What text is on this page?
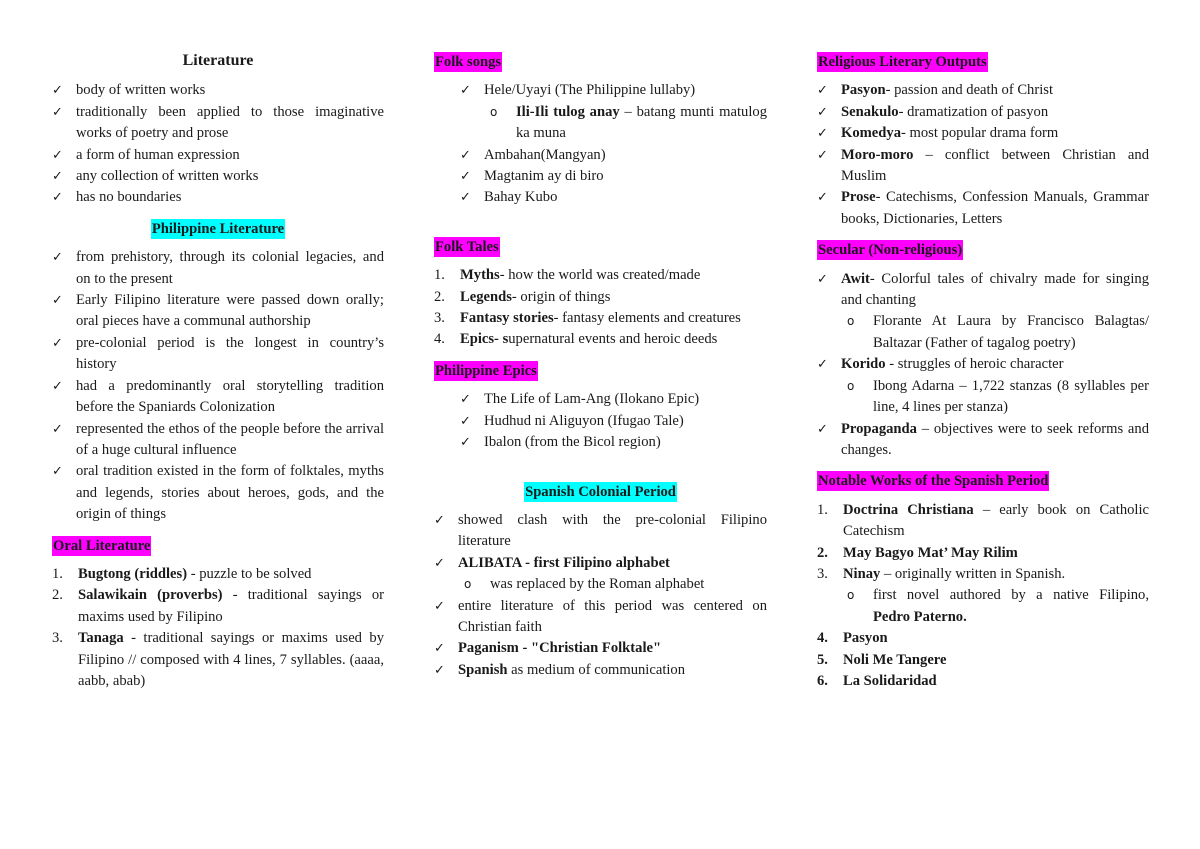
Literature
✓ body of written works
✓ traditionally been applied to those imaginative works of poetry and prose
✓ a form of human expression
✓ any collection of written works
✓ has no boundaries
Philippine Literature
✓ from prehistory, through its colonial legacies, and on to the present
✓ Early Filipino literature were passed down orally; oral pieces have a communal authorship
✓ pre-colonial period is the longest in country’s history
✓ had a predominantly oral storytelling tradition before the Spaniards Colonization
✓ represented the ethos of the people before the arrival of a huge cultural influence
✓ oral tradition existed in the form of folktales, myths and legends, stories about heroes, gods, and the origin of things
Oral Literature
1. Bugtong (riddles) - puzzle to be solved
2. Salawikain (proverbs) - traditional sayings or maxims used by Filipino
3. Tanaga - traditional sayings or maxims used by Filipino // composed with 4 lines, 7 syllables. (aaaa, aabb, abab)
Folk songs
✓ Hele/Uyayi (The Philippine lullaby)
o Ili-Ili tulog anay – batang munti matulog ka muna
✓ Ambahan(Mangyan)
✓ Magtanim ay di biro
✓ Bahay Kubo
Folk Tales
1. Myths- how the world was created/made
2. Legends- origin of things
3. Fantasy stories- fantasy elements and creatures
4. Epics- supernatural events and heroic deeds
Philippine Epics
✓ The Life of Lam-Ang (Ilokano Epic)
✓ Hudhud ni Aliguyon (Ifugao Tale)
✓ Ibalon (from the Bicol region)
Spanish Colonial Period
✓ showed clash with the pre-colonial Filipino literature
✓ ALIBATA - first Filipino alphabet
o was replaced by the Roman alphabet
✓ entire literature of this period was centered on Christian faith
✓ Paganism - "Christian Folktale"
✓ Spanish as medium of communication
Religious Literary Outputs
✓ Pasyon- passion and death of Christ
✓ Senakulo- dramatization of pasyon
✓ Komedya- most popular drama form
✓ Moro-moro – conflict between Christian and Muslim
✓ Prose- Catechisms, Confession Manuals, Grammar books, Dictionaries, Letters
Secular (Non-religious)
✓ Awit- Colorful tales of chivalry made for singing and chanting
o Florante At Laura by Francisco Balagtas/ Baltazar (Father of tagalog poetry)
✓ Korido - struggles of heroic character
o Ibong Adarna – 1,722 stanzas (8 syllables per line, 4 lines per stanza)
✓ Propaganda – objectives were to seek reforms and changes.
Notable Works of the Spanish Period
1. Doctrina Christiana – early book on Catholic Catechism
2. May Bagyo Mat’ May Rilim
3. Ninay – originally written in Spanish.
o first novel authored by a native Filipino, Pedro Paterno.
4. Pasyon
5. Noli Me Tangere
6. La Solidaridad
